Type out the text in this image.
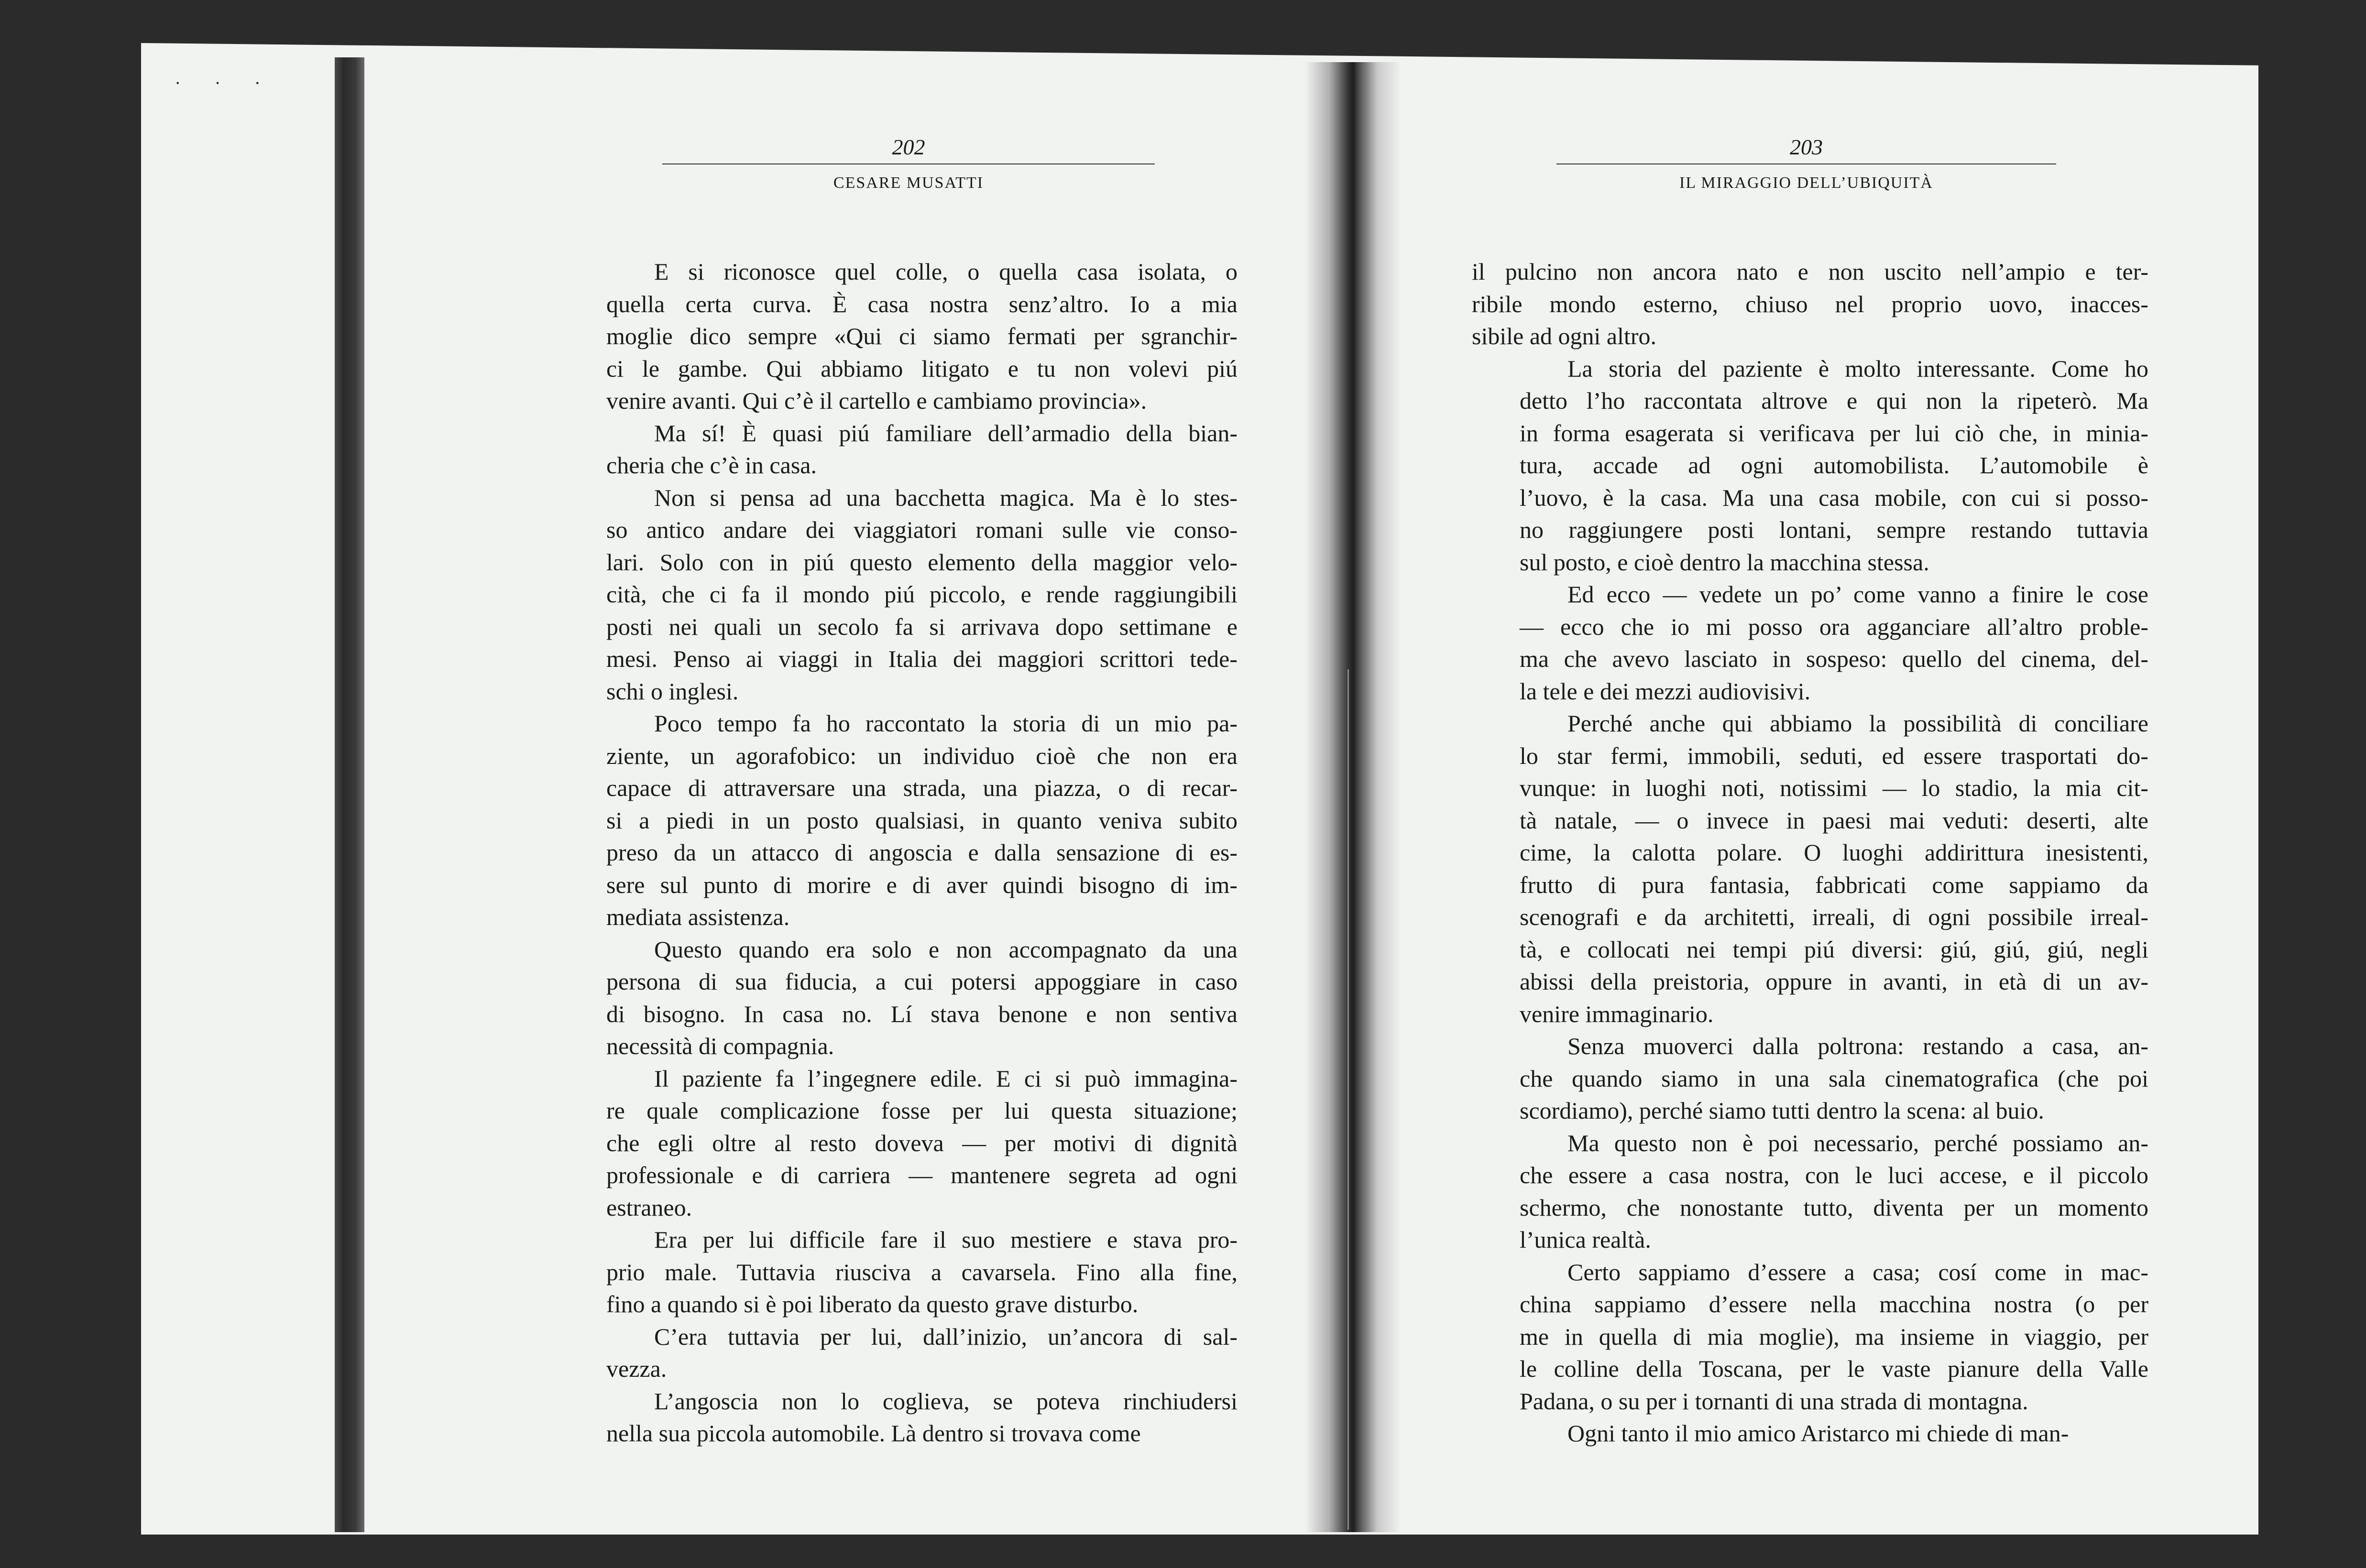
· · ·
202
CESARE MUSATTI
203
IL MIRAGGIO DELL’UBIQUITÀ

E si riconosce quel colle, o quella casa isolata, o
quella certa curva. È casa nostra senz’altro. Io a mia
moglie dico sempre «Qui ci siamo fermati per sgranchir-
ci le gambe. Qui abbiamo litigato e tu non volevi piú
venire avanti. Qui c’è il cartello e cambiamo provincia».

Ma sí! È quasi piú familiare dell’armadio della bian-
cheria che c’è in casa.

Non si pensa ad una bacchetta magica. Ma è lo stes-
so antico andare dei viaggiatori romani sulle vie conso-
lari. Solo con in piú questo elemento della maggior velo-
cità, che ci fa il mondo piú piccolo, e rende raggiungibili
posti nei quali un secolo fa si arrivava dopo settimane e
mesi. Penso ai viaggi in Italia dei maggiori scrittori tede-
schi o inglesi.

Poco tempo fa ho raccontato la storia di un mio pa-
ziente, un agorafobico: un individuo cioè che non era
capace di attraversare una strada, una piazza, o di recar-
si a piedi in un posto qualsiasi, in quanto veniva subito
preso da un attacco di angoscia e dalla sensazione di es-
sere sul punto di morire e di aver quindi bisogno di im-
mediata assistenza.

Questo quando era solo e non accompagnato da una
persona di sua fiducia, a cui potersi appoggiare in caso
di bisogno. In casa no. Lí stava benone e non sentiva
necessità di compagnia.

Il paziente fa l’ingegnere edile. E ci si può immagina-
re quale complicazione fosse per lui questa situazione;
che egli oltre al resto doveva — per motivi di dignità
professionale e di carriera — mantenere segreta ad ogni
estraneo.

Era per lui difficile fare il suo mestiere e stava pro-
prio male. Tuttavia riusciva a cavarsela. Fino alla fine,
fino a quando si è poi liberato da questo grave disturbo.

C’era tuttavia per lui, dall’inizio, un’ancora di sal-
vezza.

L’angoscia non lo coglieva, se poteva rinchiudersi
nella sua piccola automobile. Là dentro si trovava come

il pulcino non ancora nato e non uscito nell’ampio e ter-
ribile mondo esterno, chiuso nel proprio uovo, inacces-
sibile ad ogni altro.

La storia del paziente è molto interessante. Come ho
detto l’ho raccontata altrove e qui non la ripeterò. Ma
in forma esagerata si verificava per lui ciò che, in minia-
tura, accade ad ogni automobilista. L’automobile è
l’uovo, è la casa. Ma una casa mobile, con cui si posso-
no raggiungere posti lontani, sempre restando tuttavia
sul posto, e cioè dentro la macchina stessa.

Ed ecco — vedete un po’ come vanno a finire le cose
— ecco che io mi posso ora agganciare all’altro proble-
ma che avevo lasciato in sospeso: quello del cinema, del-
la tele e dei mezzi audiovisivi.

Perché anche qui abbiamo la possibilità di conciliare
lo star fermi, immobili, seduti, ed essere trasportati do-
vunque: in luoghi noti, notissimi — lo stadio, la mia cit-
tà natale, — o invece in paesi mai veduti: deserti, alte
cime, la calotta polare. O luoghi addirittura inesistenti,
frutto di pura fantasia, fabbricati come sappiamo da
scenografi e da architetti, irreali, di ogni possibile irreal-
tà, e collocati nei tempi piú diversi: giú, giú, giú, negli
abissi della preistoria, oppure in avanti, in età di un av-
venire immaginario.

Senza muoverci dalla poltrona: restando a casa, an-
che quando siamo in una sala cinematografica (che poi
scordiamo), perché siamo tutti dentro la scena: al buio.

Ma questo non è poi necessario, perché possiamo an-
che essere a casa nostra, con le luci accese, e il piccolo
schermo, che nonostante tutto, diventa per un momento
l’unica realtà.

Certo sappiamo d’essere a casa; cosí come in mac-
china sappiamo d’essere nella macchina nostra (o per
me in quella di mia moglie), ma insieme in viaggio, per
le colline della Toscana, per le vaste pianure della Valle
Padana, o su per i tornanti di una strada di montagna.

Ogni tanto il mio amico Aristarco mi chiede di man-
